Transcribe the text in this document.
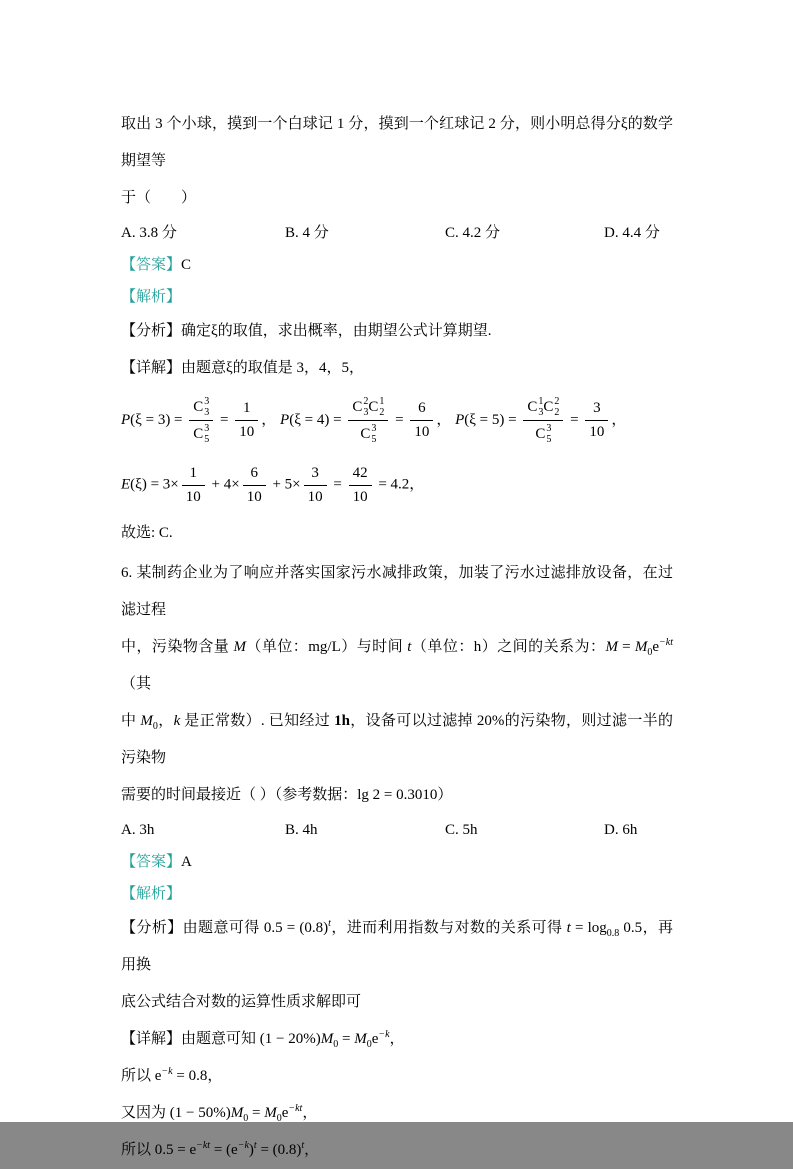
取出 3 个小球，摸到一个白球记 1 分，摸到一个红球记 2 分，则小明总得分ξ的数学期望等
于（　　）
A. 3.8 分	B. 4 分	C. 4.2 分	D. 4.4 分
【答案】C
【解析】
【分析】确定ξ的取值，求出概率，由期望公式计算期望.
【详解】由题意ξ的取值是 3，4，5，
P(ξ = 3) = C 3
3
C 3
$5 = \frac{1}{10}$ ， P(ξ = 4) = C 2
3 C 1
2
C 3
$5 = \frac{6}{10}$ ， P(ξ = 5) = C 1
3 C 2
2
C 3
$5 = \frac{3}{10}$ ，
$E(\xi) = 3\times \frac{1}{10} + 4\times \frac{6}{10} + 5\times \frac{3}{10} = \frac{42}{10} = 4.2$，
故选: C.
6. 某制药企业为了响应并落实国家污水减排政策，加装了污水过滤排放设备，在过滤过程
中，污染物含量 M（单位：mg/L）与时间 t（单位：h）之间的关系为：$M = M_0e^{-kt}$（其
中 $M_0$，k 是正常数）. 已知经过 1h，设备可以过滤掉 20%的污染物，则过滤一半的污染物
需要的时间最接近（ ）（参考数据：lg 2 = 0.3010）
A. 3h	B. 4h	C. 5h	D. 6h
【答案】A
【解析】
【分析】由题意可得 $0.5 = (0.8)^t$，进而利用指数与对数的关系可得 $t = \log_{0.8} 0.5$，再用换
底公式结合对数的运算性质求解即可
【详解】由题意可知 $(1 - 20\%)M_0 = M_0e^{-k}$，
所以 $e^{-k} = 0.8$，
又因为 $(1 - 50\%)M_0 = M_0e^{-kt}$，
所以 $0.5 = e^{-kt} = (e^{-k})^t = (0.8)^t$，
